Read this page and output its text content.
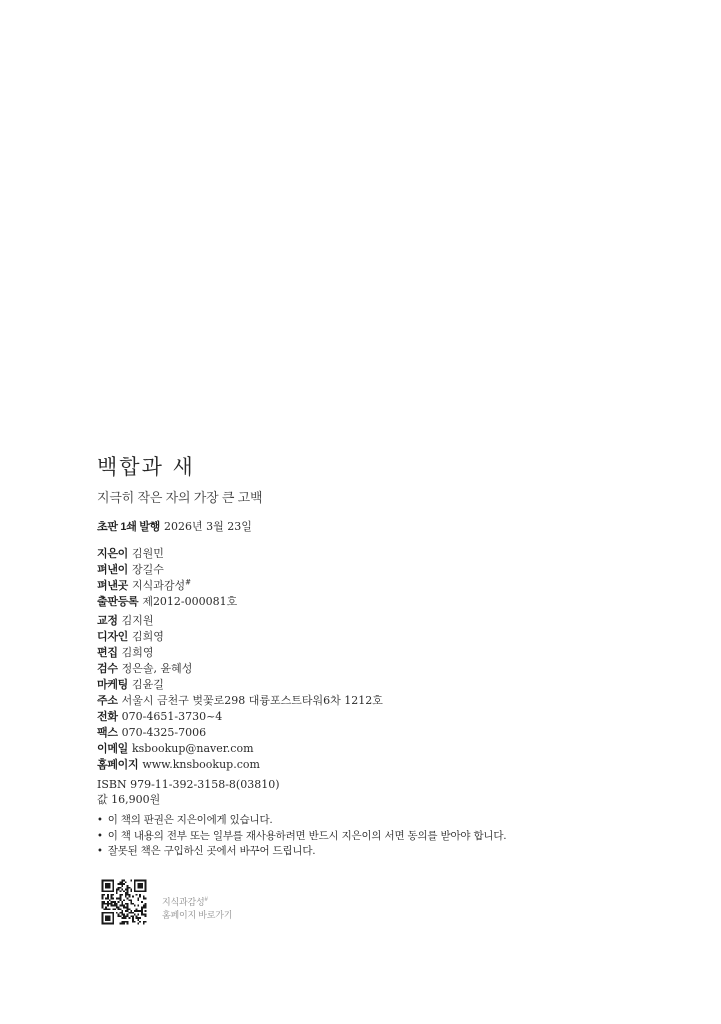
백합과 새
지극히 작은 자의 가장 큰 고백
초판 1쇄 발행 2026년 3월 23일
지은이 김원민
펴낸이 장길수
펴낸곳 지식과감성#
출판등록 제2012-000081호
교정 김지원
디자인 김희영
편집 김희영
검수 정은솔, 윤혜성
마케팅 김윤길
주소 서울시 금천구 벚꽃로298 대륭포스트타워6차 1212호
전화 070-4651-3730~4
팩스 070-4325-7006
이메일 ksbookup@naver.com
홈페이지 www.knsbookup.com
ISBN 979-11-392-3158-8(03810)
값 16,900원
• 이 책의 판권은 지은이에게 있습니다.
• 이 책 내용의 전부 또는 일부를 재사용하려면 반드시 지은이의 서면 동의를 받아야 합니다.
• 잘못된 책은 구입하신 곳에서 바꾸어 드립니다.
지식과감성#
홈페이지 바로가기
